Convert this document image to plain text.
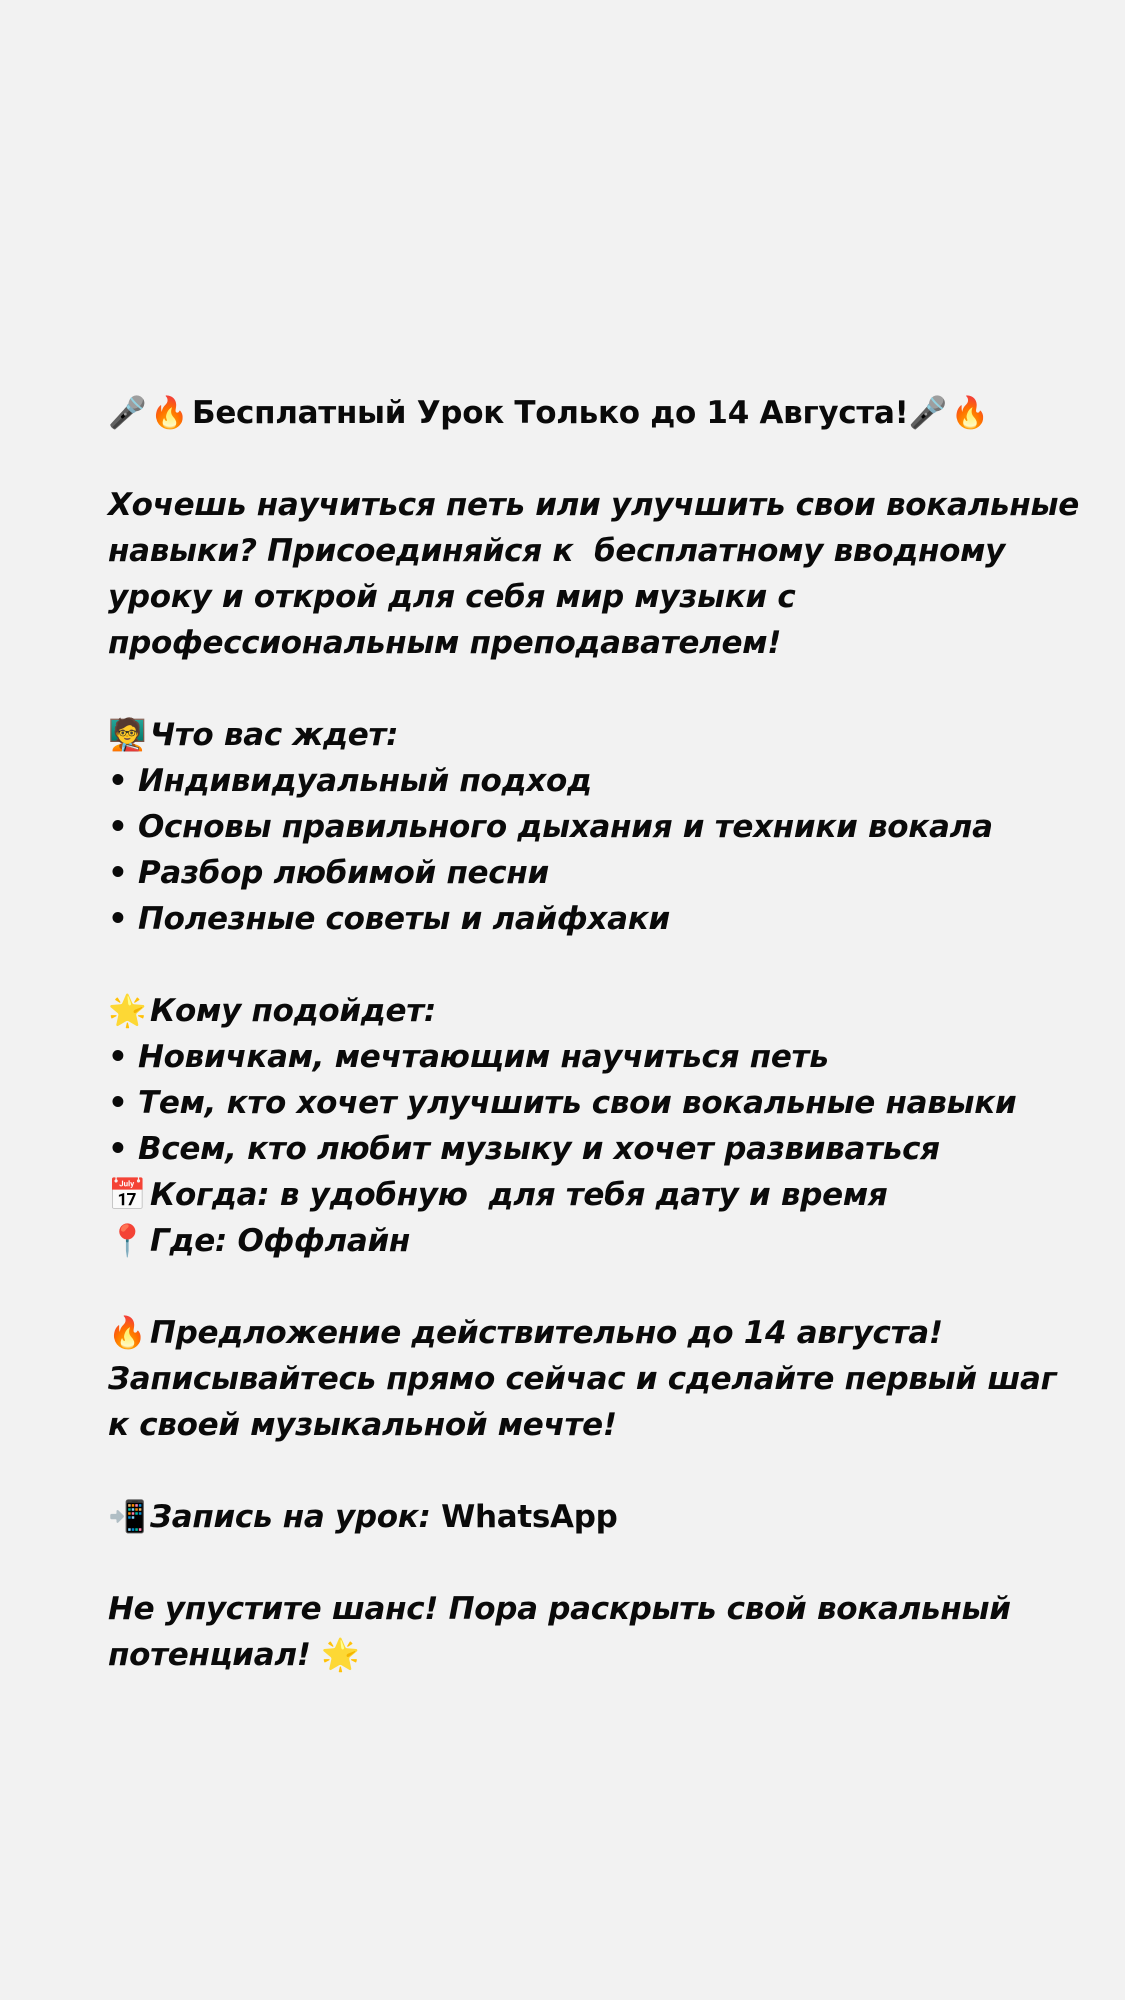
🎤 🔥 Бесплатный Урок Только до 14 Августа!🎤 🔥
Хочешь научиться петь или улучшить свои вокальные
навыки? Присоединяйся к  бесплатному вводному
уроку и открой для себя мир музыки с
профессиональным преподавателем!
🧑‍🏫 Что вас ждет:
• Индивидуальный подход
• Основы правильного дыхания и техники вокала
• Разбор любимой песни
• Полезные советы и лайфхаки
🌟 Кому подойдет:
• Новичкам, мечтающим научиться петь
• Тем, кто хочет улучшить свои вокальные навыки
• Всем, кто любит музыку и хочет развиваться
📅 Когда: в удобную  для тебя дату и время
📍 Где: Оффлайн
🔥 Предложение действительно до 14 августа!
Записывайтесь прямо сейчас и сделайте первый шаг
к своей музыкальной мечте!
📲 Запись на урок: WhatsApp
Не упустите шанс! Пора раскрыть свой вокальный
потенциал! 🌟
